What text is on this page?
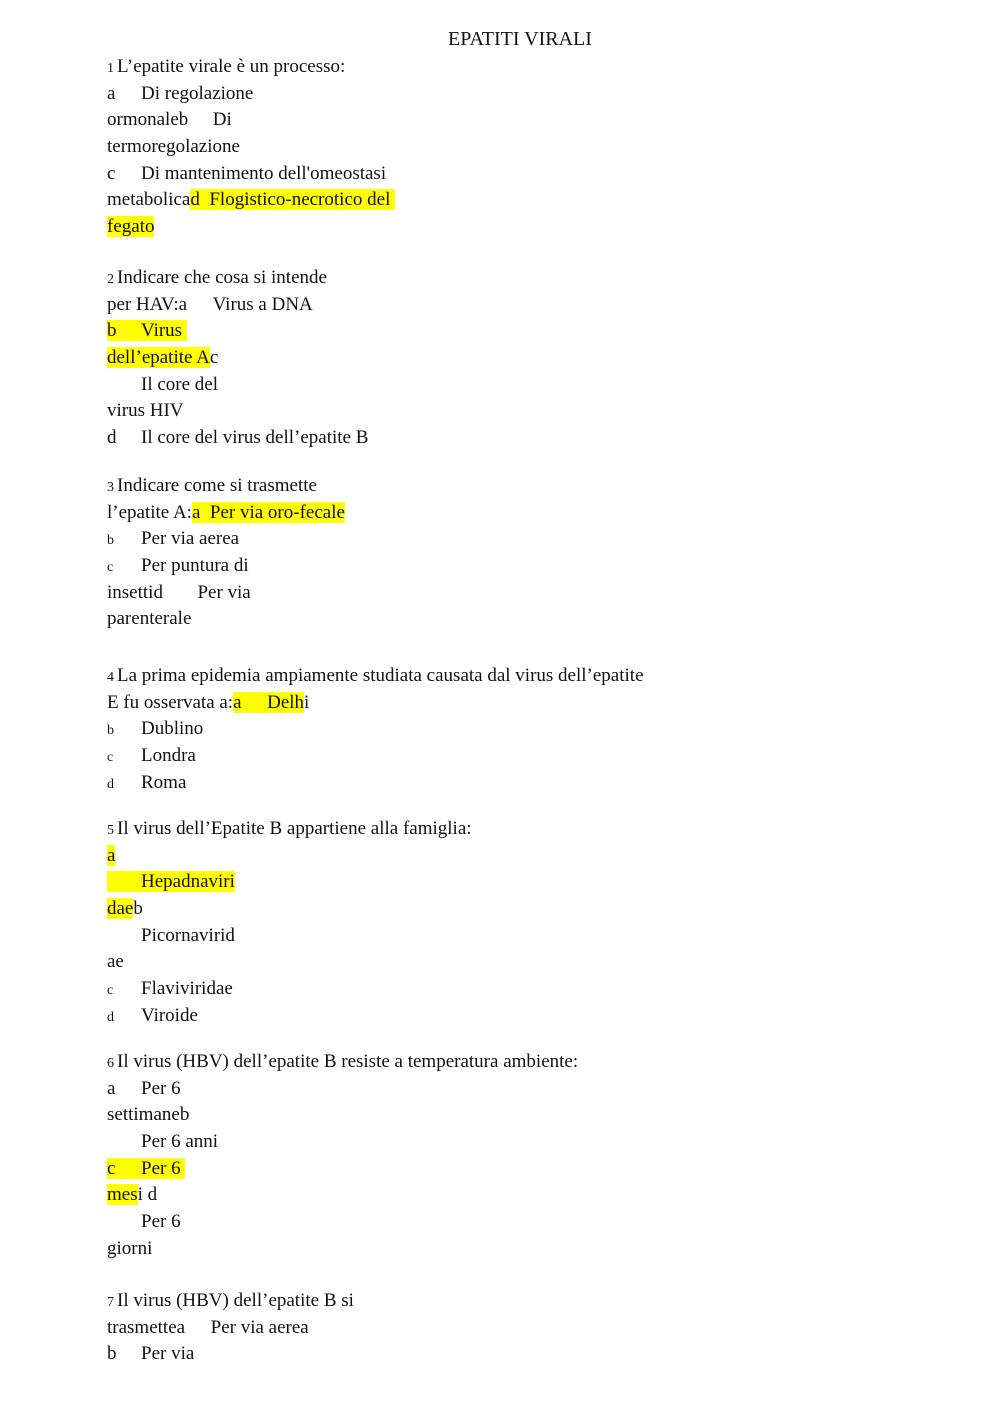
EPATITI VIRALI
1 L’epatite virale è un processo:
a Di regolazione
ormonaleb Di
termoregolazione
c Di mantenimento dell'omeostasi
metabolicad Flogistico-necrotico del
fegato
2 Indicare che cosa si intende
per HAV:a Virus a DNA
b Virus
dell’epatite Ac
Il core del
virus HIV
d Il core del virus dell’epatite B
3 Indicare come si trasmette
l’epatite A:a Per via oro-fecale
b Per via aerea
c Per puntura di
insettid Per via
parenterale
4 La prima epidemia ampiamente studiata causata dal virus dell’epatite
E fu osservata a:a Delhi
b Dublino
c Londra
d Roma
5 Il virus dell’Epatite B appartiene alla famiglia:
a
Hepadnaviri
daeb
Picornavirid
ae
c Flaviviridae
d Viroide
6 Il virus (HBV) dell’epatite B resiste a temperatura ambiente:
a Per 6
settimaneb
Per 6 anni
c Per 6
mesi d
Per 6
giorni
7 Il virus (HBV) dell’epatite B si
trasmettea Per via aerea
b Per via
